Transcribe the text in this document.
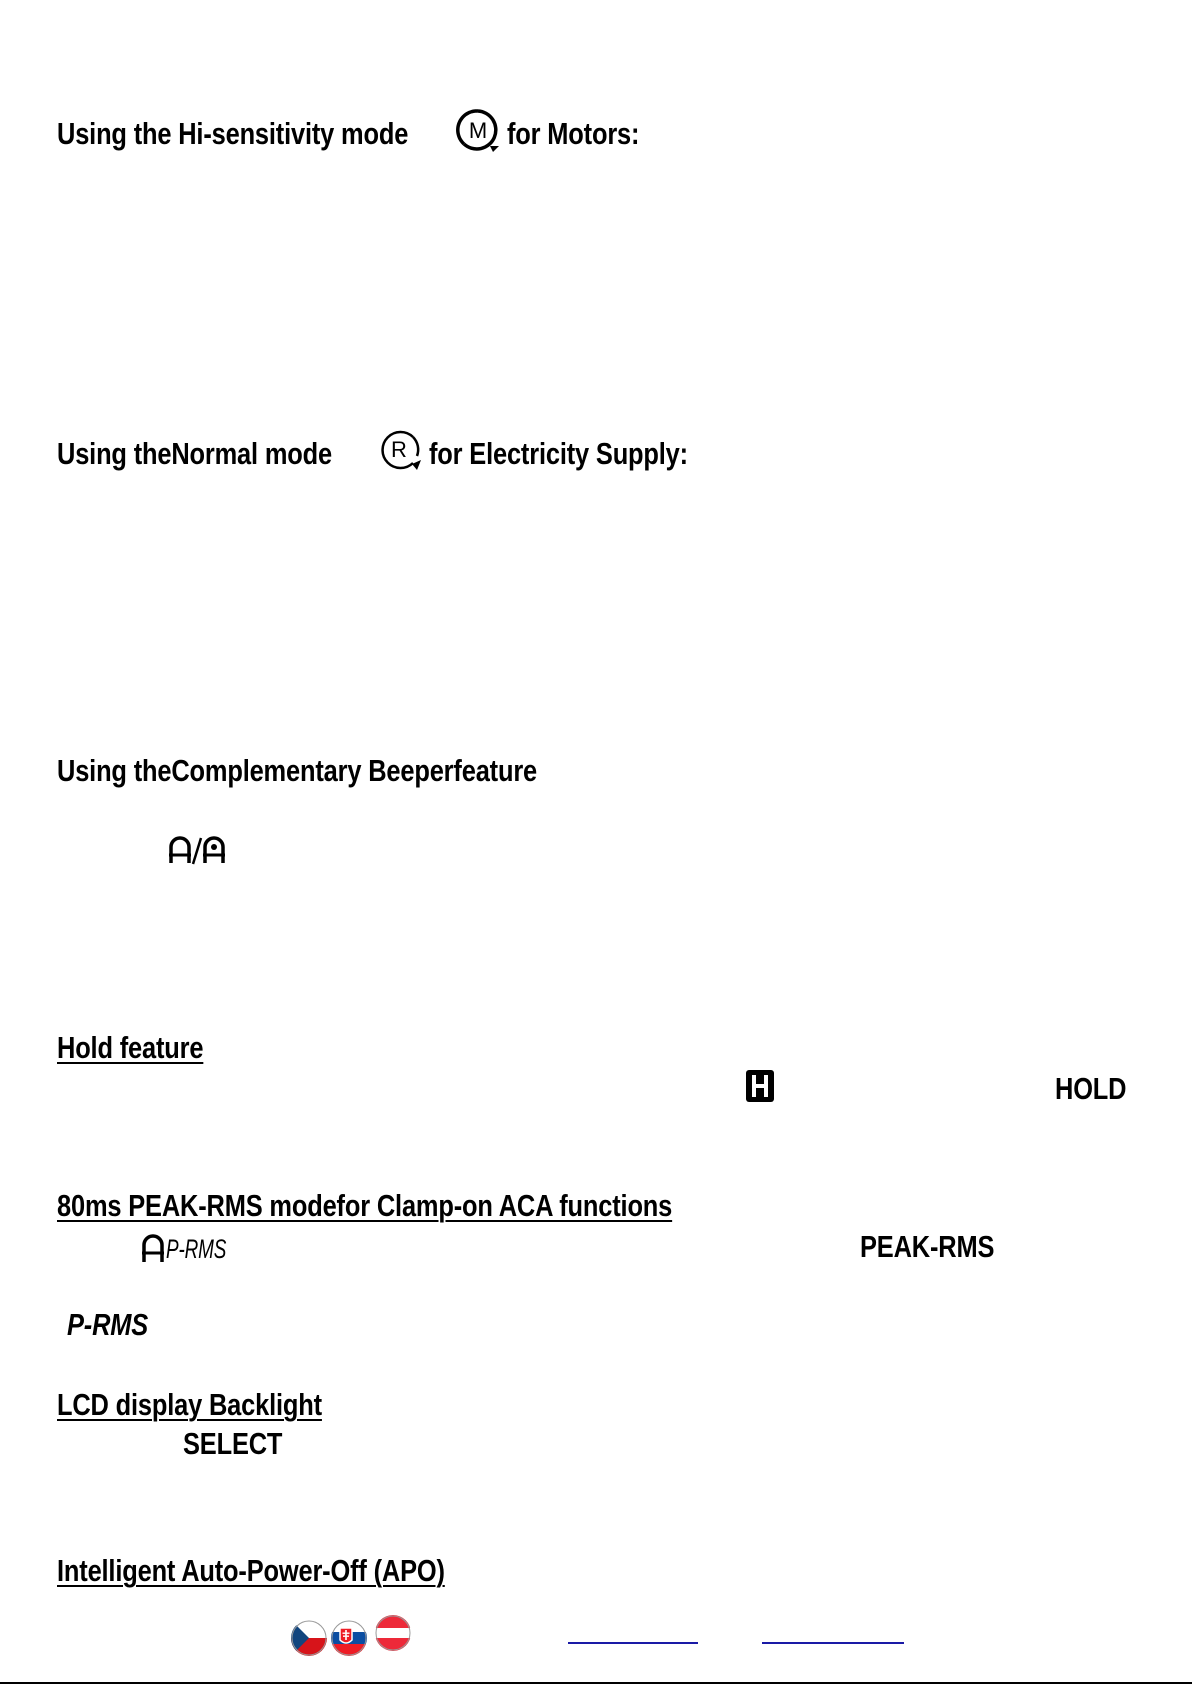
Using the Hi-sensitivity mode	M for Motors:
Using theNormal mode	R for Electricity Supply:
Using theComplementary Beeperfeature
Hold feature
HOLD
80ms PEAK-RMS modefor Clamp-on ACA functions
P-RMS	PEAK-RMS
P-RMS
LCD display Backlight
SELECT
Intelligent Auto-Power-Off (APO)
